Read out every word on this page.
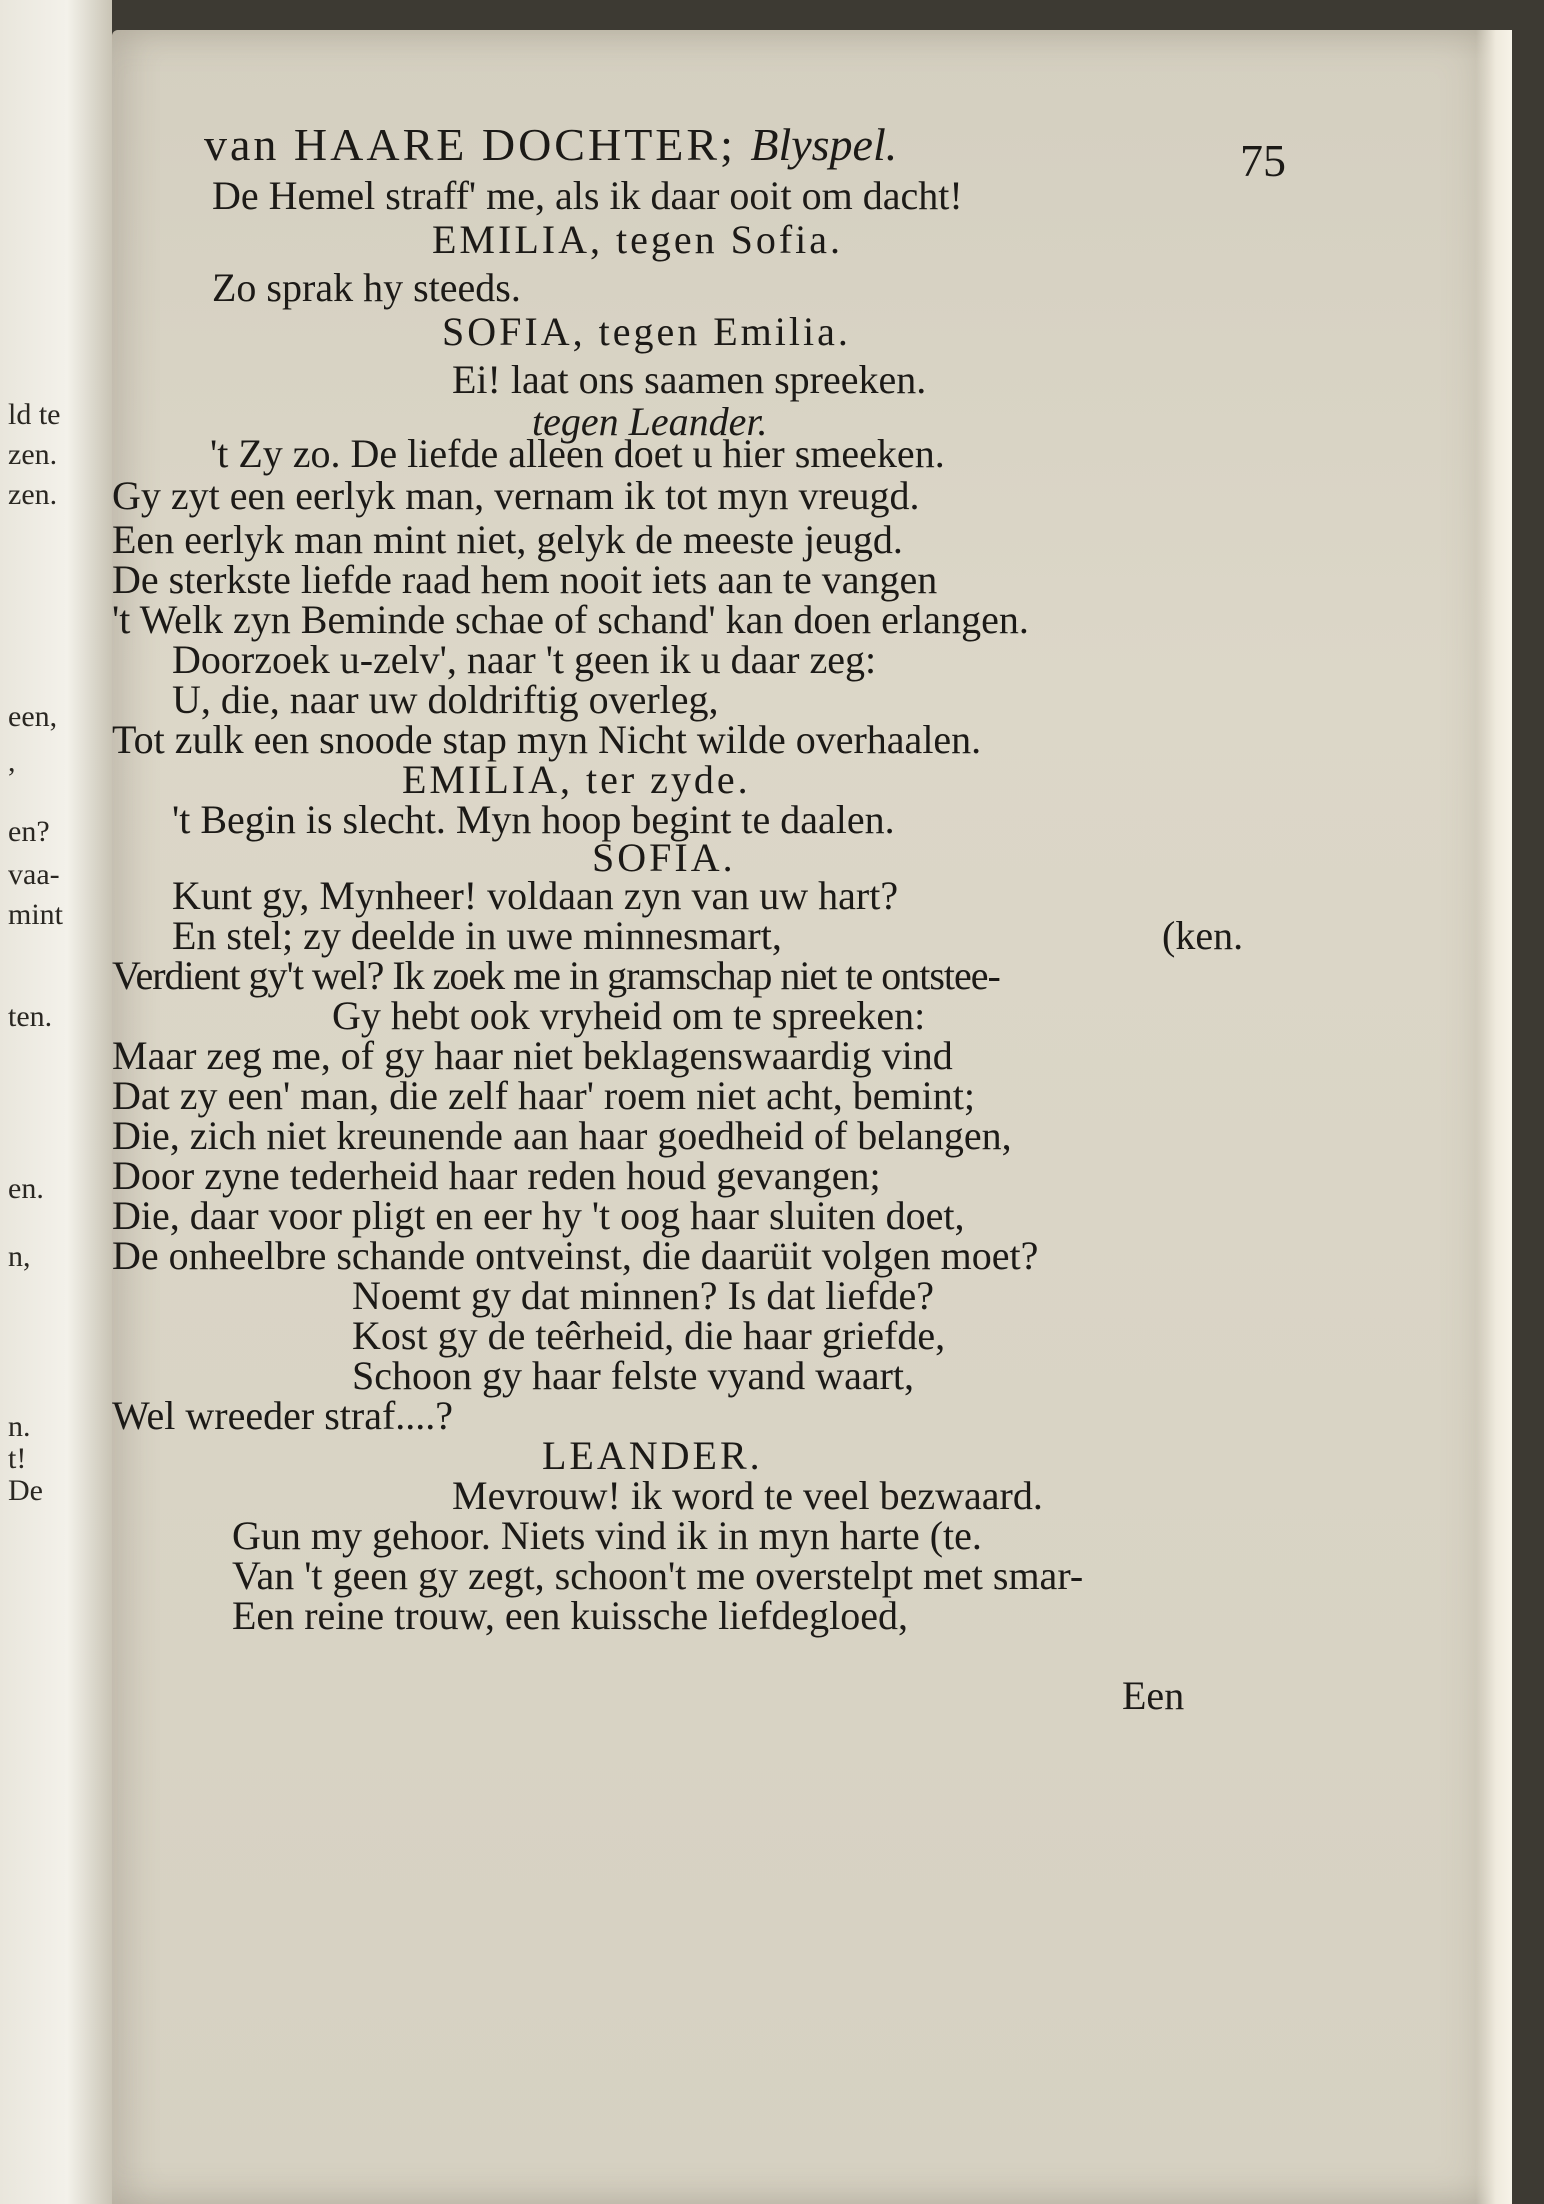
ld te
zen.
zen.
een,
,
en?
vaa-
mint
ten.
en.
n,
n.
t!
De
van HAARE DOCHTER; Blyspel.	75
De Hemel straff' me, als ik daar ooit om dacht!
EMILIA, tegen Sofia.
Zo sprak hy steeds.
SOFIA, tegen Emilia.
Ei! laat ons saamen spreeken.
tegen Leander.
't Zy zo. De liefde alleen doet u hier smeeken.
Gy zyt een eerlyk man, vernam ik tot myn vreugd.
Een eerlyk man mint niet, gelyk de meeste jeugd.
De sterkste liefde raad hem nooit iets aan te vangen
't Welk zyn Beminde schae of schand' kan doen erlangen.
Doorzoek u-zelv', naar 't geen ik u daar zeg:
U, die, naar uw doldriftig overleg,
Tot zulk een snoode stap myn Nicht wilde overhaalen.
EMILIA, ter zyde.
't Begin is slecht. Myn hoop begint te daalen.
SOFIA.
Kunt gy, Mynheer! voldaan zyn van uw hart?
En stel; zy deelde in uwe minnesmart,	(ken.
Verdient gy't wel? Ik zoek me in gramschap niet te ontstee-
Gy hebt ook vryheid om te spreeken:
Maar zeg me, of gy haar niet beklagenswaardig vind
Dat zy een' man, die zelf haar' roem niet acht, bemint;
Die, zich niet kreunende aan haar goedheid of belangen,
Door zyne tederheid haar reden houd gevangen;
Die, daar voor pligt en eer hy 't oog haar sluiten doet,
De onheelbre schande ontveinst, die daarüit volgen moet?
Noemt gy dat minnen? Is dat liefde?
Kost gy de teêrheid, die haar griefde,
Schoon gy haar felste vyand waart,
Wel wreeder straf....?
LEANDER.
Mevrouw! ik word te veel bezwaard.
Gun my gehoor. Niets vind ik in myn harte (te.
Van 't geen gy zegt, schoon't me overstelpt met smar-
Een reine trouw, een kuissche liefdegloed,
Een
